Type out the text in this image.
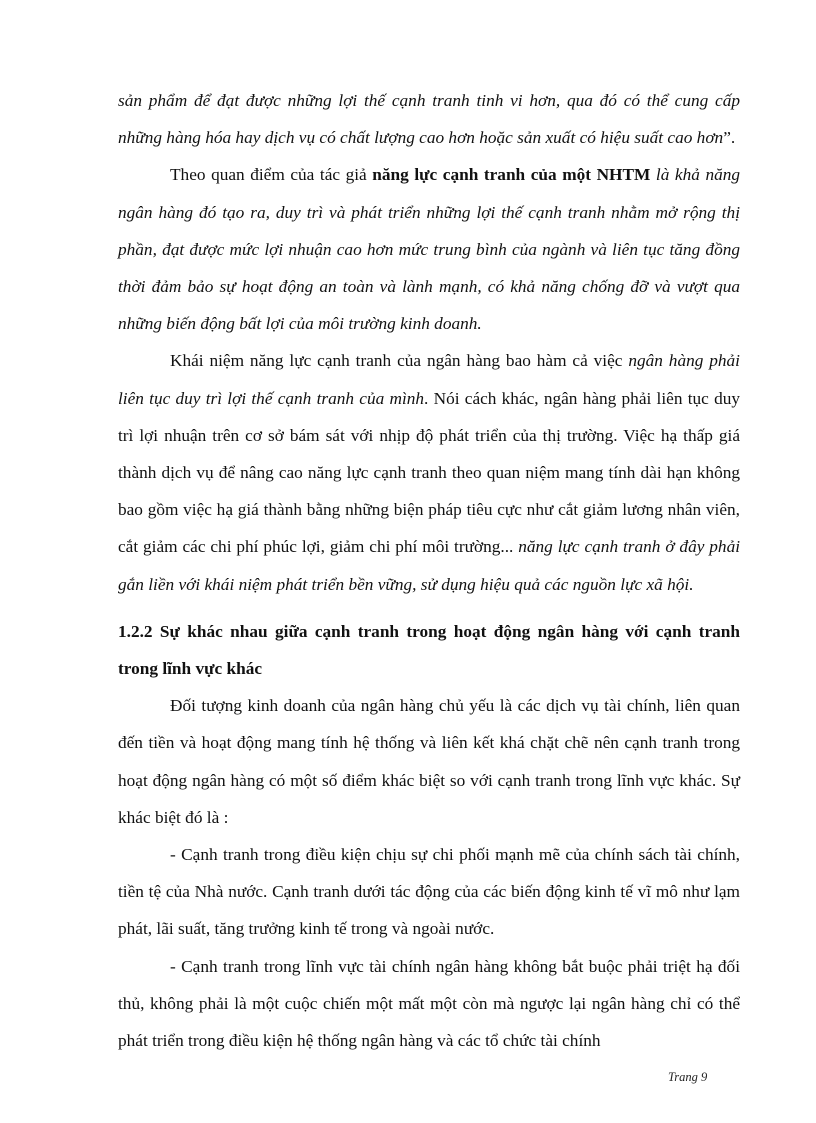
sản phẩm để đạt được những lợi thế cạnh tranh tinh vi hơn, qua đó có thể cung cấp những hàng hóa hay dịch vụ có chất lượng cao hơn hoặc sản xuất có hiệu suất cao hơn”.

Theo quan điểm của tác giả năng lực cạnh tranh của một NHTM là khả năng ngân hàng đó tạo ra, duy trì và phát triển những lợi thế cạnh tranh nhằm mở rộng thị phần, đạt được mức lợi nhuận cao hơn mức trung bình của ngành và liên tục tăng đồng thời đảm bảo sự hoạt động an toàn và lành mạnh, có khả năng chống đỡ và vượt qua những biến động bất lợi của môi trường kinh doanh.

Khái niệm năng lực cạnh tranh của ngân hàng bao hàm cả việc ngân hàng phải liên tục duy trì lợi thế cạnh tranh của mình. Nói cách khác, ngân hàng phải liên tục duy trì lợi nhuận trên cơ sở bám sát với nhịp độ phát triển của thị trường. Việc hạ thấp giá thành dịch vụ để nâng cao năng lực cạnh tranh theo quan niệm mang tính dài hạn không bao gồm việc hạ giá thành bằng những biện pháp tiêu cực như cắt giảm lương nhân viên, cắt giảm các chi phí phúc lợi, giảm chi phí môi trường... năng lực cạnh tranh ở đây phải gắn liền với khái niệm phát triển bền vững, sử dụng hiệu quả các nguồn lực xã hội.

1.2.2 Sự khác nhau giữa cạnh tranh trong hoạt động ngân hàng với cạnh tranh trong lĩnh vực khác

Đối tượng kinh doanh của ngân hàng chủ yếu là các dịch vụ tài chính, liên quan đến tiền và hoạt động mang tính hệ thống và liên kết khá chặt chẽ nên cạnh tranh trong hoạt động ngân hàng có một số điểm khác biệt so với cạnh tranh trong lĩnh vực khác. Sự khác biệt đó là :

- Cạnh tranh trong điều kiện chịu sự chi phối mạnh mẽ của chính sách tài chính, tiền tệ của Nhà nước. Cạnh tranh dưới tác động của các biến động kinh tế vĩ mô như lạm phát, lãi suất, tăng trưởng kinh tế trong và ngoài nước.

- Cạnh tranh trong lĩnh vực tài chính ngân hàng không bắt buộc phải triệt hạ đối thủ, không phải là một cuộc chiến một mất một còn mà ngược lại ngân hàng chỉ có thể phát triển trong điều kiện hệ thống ngân hàng và các tổ chức tài chính

Trang 9
